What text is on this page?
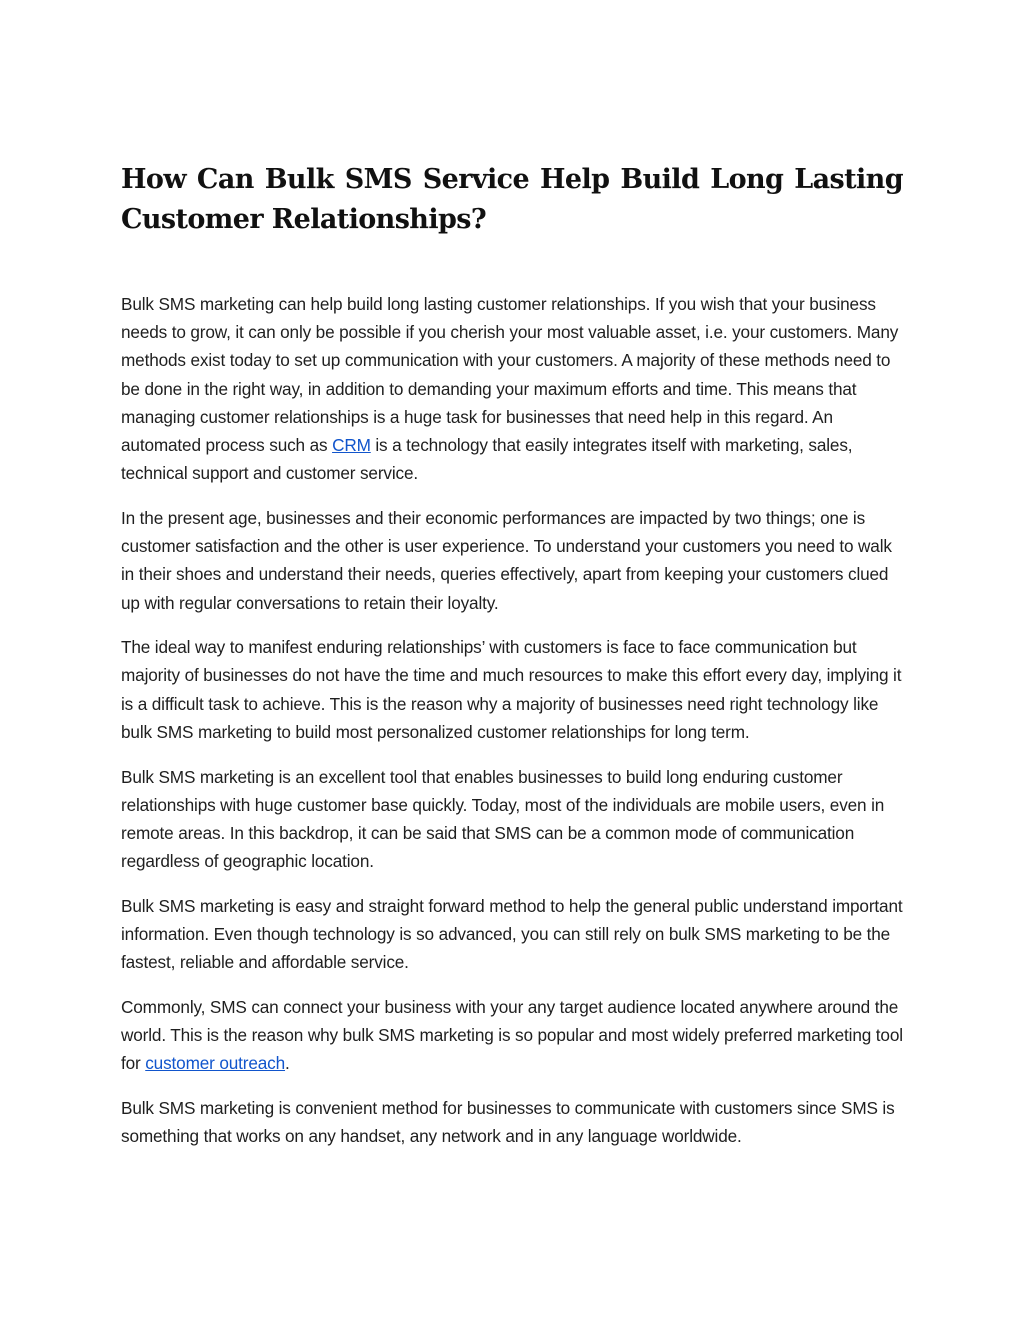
How Can Bulk SMS Service Help Build Long Lasting Customer Relationships?

Bulk SMS marketing can help build long lasting customer relationships. If you wish that your business needs to grow, it can only be possible if you cherish your most valuable asset, i.e. your customers. Many methods exist today to set up communication with your customers. A majority of these methods need to be done in the right way, in addition to demanding your maximum efforts and time. This means that managing customer relationships is a huge task for businesses that need help in this regard. An automated process such as CRM is a technology that easily integrates itself with marketing, sales, technical support and customer service.

In the present age, businesses and their economic performances are impacted by two things; one is customer satisfaction and the other is user experience. To understand your customers you need to walk in their shoes and understand their needs, queries effectively, apart from keeping your customers clued up with regular conversations to retain their loyalty.

The ideal way to manifest enduring relationships’ with customers is face to face communication but majority of businesses do not have the time and much resources to make this effort every day, implying it is a difficult task to achieve. This is the reason why a majority of businesses need right technology like bulk SMS marketing to build most personalized customer relationships for long term.

Bulk SMS marketing is an excellent tool that enables businesses to build long enduring customer relationships with huge customer base quickly. Today, most of the individuals are mobile users, even in remote areas. In this backdrop, it can be said that SMS can be a common mode of communication regardless of geographic location.

Bulk SMS marketing is easy and straight forward method to help the general public understand important information. Even though technology is so advanced, you can still rely on bulk SMS marketing to be the fastest, reliable and affordable service.

Commonly, SMS can connect your business with your any target audience located anywhere around the world. This is the reason why bulk SMS marketing is so popular and most widely preferred marketing tool for customer outreach.

Bulk SMS marketing is convenient method for businesses to communicate with customers since SMS is something that works on any handset, any network and in any language worldwide.
